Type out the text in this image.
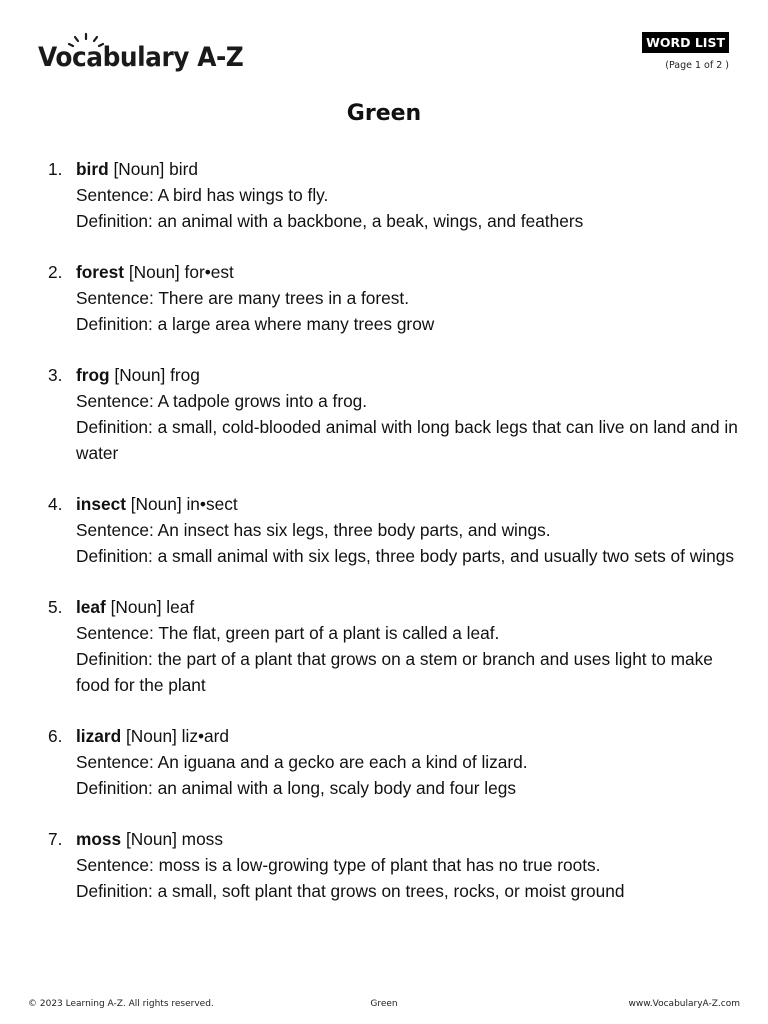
Vocabulary A-Z	WORD LIST
(Page 1 of 2 )
Green
1. bird [Noun] bird
Sentence: A bird has wings to fly.
Definition: an animal with a backbone, a beak, wings, and feathers
2. forest [Noun] for•est
Sentence: There are many trees in a forest.
Definition: a large area where many trees grow
3. frog [Noun] frog
Sentence: A tadpole grows into a frog.
Definition: a small, cold-blooded animal with long back legs that can live on land and in water
4. insect [Noun] in•sect
Sentence: An insect has six legs, three body parts, and wings.
Definition: a small animal with six legs, three body parts, and usually two sets of wings
5. leaf [Noun] leaf
Sentence: The flat, green part of a plant is called a leaf.
Definition: the part of a plant that grows on a stem or branch and uses light to make food for the plant
6. lizard [Noun] liz•ard
Sentence: An iguana and a gecko are each a kind of lizard.
Definition: an animal with a long, scaly body and four legs
7. moss [Noun] moss
Sentence: moss is a low-growing type of plant that has no true roots.
Definition: a small, soft plant that grows on trees, rocks, or moist ground
Green
© 2023 Learning A-Z. All rights reserved.	www.VocabularyA-Z.com
